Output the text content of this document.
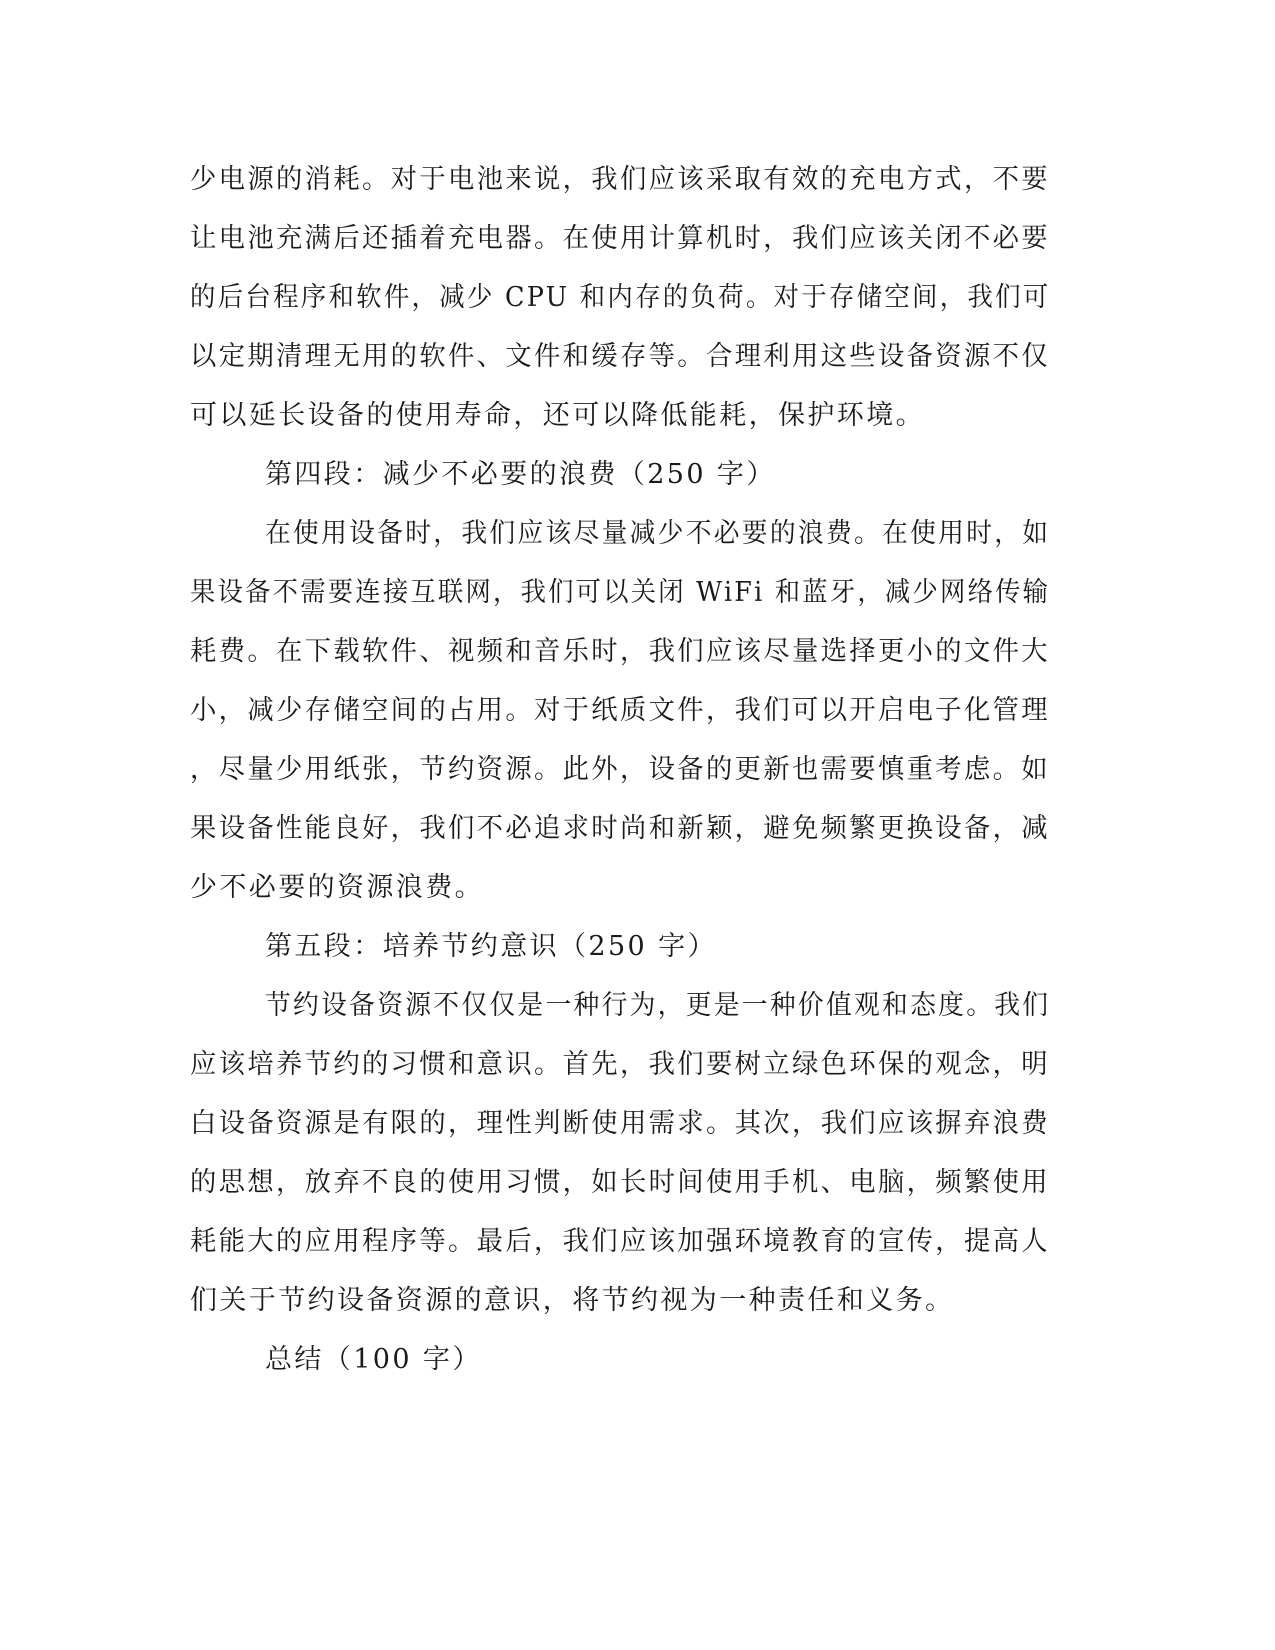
少电源的消耗。对于电池来说，我们应该采取有效的充电方式，不要
让电池充满后还插着充电器。在使用计算机时，我们应该关闭不必要
的后台程序和软件，减少 CPU 和内存的负荷。对于存储空间，我们可
以定期清理无用的软件、文件和缓存等。合理利用这些设备资源不仅
可以延长设备的使用寿命，还可以降低能耗，保护环境。
第四段：减少不必要的浪费（250 字）
在使用设备时，我们应该尽量减少不必要的浪费。在使用时，如
果设备不需要连接互联网，我们可以关闭 WiFi 和蓝牙，减少网络传输
耗费。在下载软件、视频和音乐时，我们应该尽量选择更小的文件大
小，减少存储空间的占用。对于纸质文件，我们可以开启电子化管理
，尽量少用纸张，节约资源。此外，设备的更新也需要慎重考虑。如
果设备性能良好，我们不必追求时尚和新颖，避免频繁更换设备，减
少不必要的资源浪费。
第五段：培养节约意识（250 字）
节约设备资源不仅仅是一种行为，更是一种价值观和态度。我们
应该培养节约的习惯和意识。首先，我们要树立绿色环保的观念，明
白设备资源是有限的，理性判断使用需求。其次，我们应该摒弃浪费
的思想，放弃不良的使用习惯，如长时间使用手机、电脑，频繁使用
耗能大的应用程序等。最后，我们应该加强环境教育的宣传，提高人
们关于节约设备资源的意识，将节约视为一种责任和义务。
总结（100 字）
